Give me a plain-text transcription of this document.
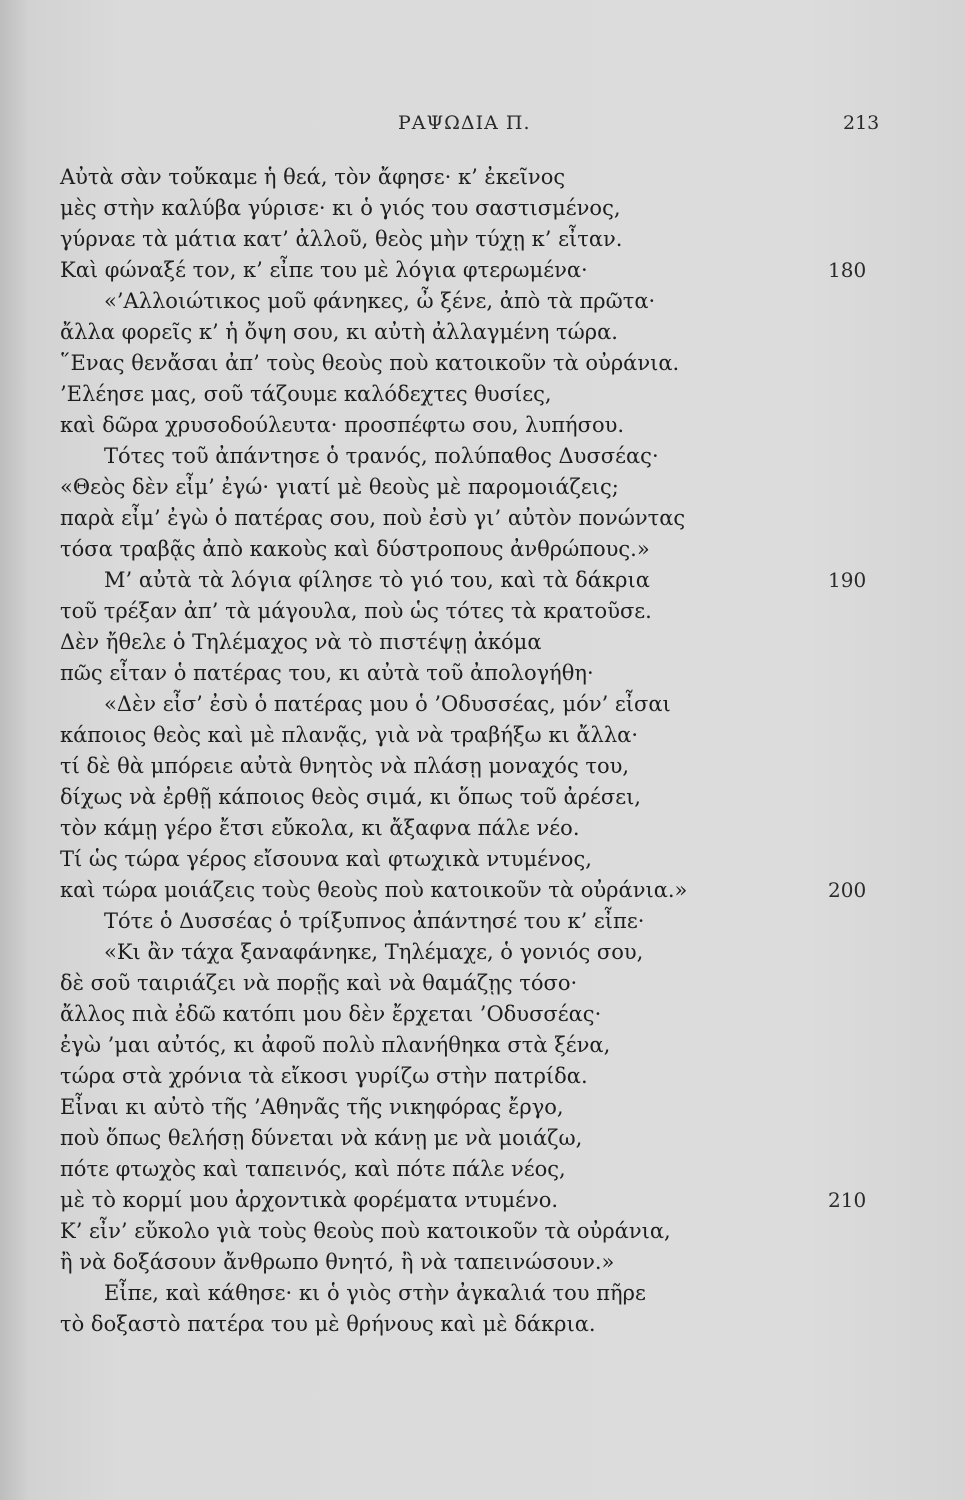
ΡΑΨΩΔΙΑ Π.	213
Αὐτὰ σὰν τοὔκαμε ἡ θεά, τὸν ἄφησε· κ’ ἐκεῖνος
μὲς στὴν καλύβα γύρισε· κι ὁ γιός του σαστισμένος,
γύρναε τὰ μάτια κατ’ ἀλλοῦ, θεὸς μὴν τύχῃ κ’ εἶταν.
Καὶ φώναξέ τον, κ’ εἶπε του μὲ λόγια φτερωμένα·	180
«’Αλλοιώτικος μοῦ φάνηκες, ὦ ξένε, ἀπὸ τὰ πρῶτα·
ἄλλα φορεῖς κ’ ἡ ὄψη σου, κι αὐτὴ ἀλλαγμένη τώρα.
῞Ενας θενἄσαι ἀπ’ τοὺς θεοὺς ποὺ κατοικοῦν τὰ οὐράνια.
’Ελέησε μας, σοῦ τάζουμε καλόδεχτες θυσίες,
καὶ δῶρα χρυσοδούλευτα· προσπέφτω σου, λυπήσου.
Τότες τοῦ ἀπάντησε ὁ τρανός, πολύπαθος Δυσσέας·
«Θεὸς δὲν εἶμ’ ἐγώ· γιατί μὲ θεοὺς μὲ παρομοιάζεις;
παρὰ εἶμ’ ἐγὼ ὁ πατέρας σου, ποὺ ἐσὺ γι’ αὐτὸν πονώντας
τόσα τραβᾷς ἀπὸ κακοὺς καὶ δύστροπους ἀνθρώπους.»
Μ’ αὐτὰ τὰ λόγια φίλησε τὸ γιό του, καὶ τὰ δάκρια	190
τοῦ τρέξαν ἀπ’ τὰ μάγουλα, ποὺ ὡς τότες τὰ κρατοῦσε.
Δὲν ἤθελε ὁ Τηλέμαχος νὰ τὸ πιστέψῃ ἀκόμα
πῶς εἶταν ὁ πατέρας του, κι αὐτὰ τοῦ ἀπολογήθη·
«Δὲν εἶσ’ ἐσὺ ὁ πατέρας μου ὁ ’Οδυσσέας, μόν’ εἶσαι
κάποιος θεὸς καὶ μὲ πλανᾷς, γιὰ νὰ τραβήξω κι ἄλλα·
τί δὲ θὰ μπόρειε αὐτὰ θνητὸς νὰ πλάσῃ μοναχός του,
δίχως νὰ ἐρθῇ κάποιος θεὸς σιμά, κι ὅπως τοῦ ἀρέσει,
τὸν κάμῃ γέρο ἔτσι εὔκολα, κι ἄξαφνα πάλε νέο.
Τί ὡς τώρα γέρος εἴσουνα καὶ φτωχικὰ ντυμένος,
καὶ τώρα μοιάζεις τοὺς θεοὺς ποὺ κατοικοῦν τὰ οὐράνια.»	200
Τότε ὁ Δυσσέας ὁ τρίξυπνος ἀπάντησέ του κ’ εἶπε·
«Κι ἂν τάχα ξαναφάνηκε, Τηλέμαχε, ὁ γονιός σου,
δὲ σοῦ ταιριάζει νὰ πορῇς καὶ νὰ θαμάζῃς τόσο·
ἄλλος πιὰ ἐδῶ κατόπι μου δὲν ἔρχεται ’Οδυσσέας·
ἐγὼ ’μαι αὐτός, κι ἀφοῦ πολὺ πλανήθηκα στὰ ξένα,
τώρα στὰ χρόνια τὰ εἴκοσι γυρίζω στὴν πατρίδα.
Εἶναι κι αὐτὸ τῆς ’Αθηνᾶς τῆς νικηφόρας ἔργο,
ποὺ ὅπως θελήσῃ δύνεται νὰ κάνῃ με νὰ μοιάζω,
πότε φτωχὸς καὶ ταπεινός, καὶ πότε πάλε νέος,
μὲ τὸ κορμί μου ἀρχοντικὰ φορέματα ντυμένο.	210
Κ’ εἶν’ εὔκολο γιὰ τοὺς θεοὺς ποὺ κατοικοῦν τὰ οὐράνια,
ἢ νὰ δοξάσουν ἄνθρωπο θνητό, ἢ νὰ ταπεινώσουν.»
Εἶπε, καὶ κάθησε· κι ὁ γιὸς στὴν ἀγκαλιά του πῆρε
τὸ δοξαστὸ πατέρα του μὲ θρήνους καὶ μὲ δάκρια.
